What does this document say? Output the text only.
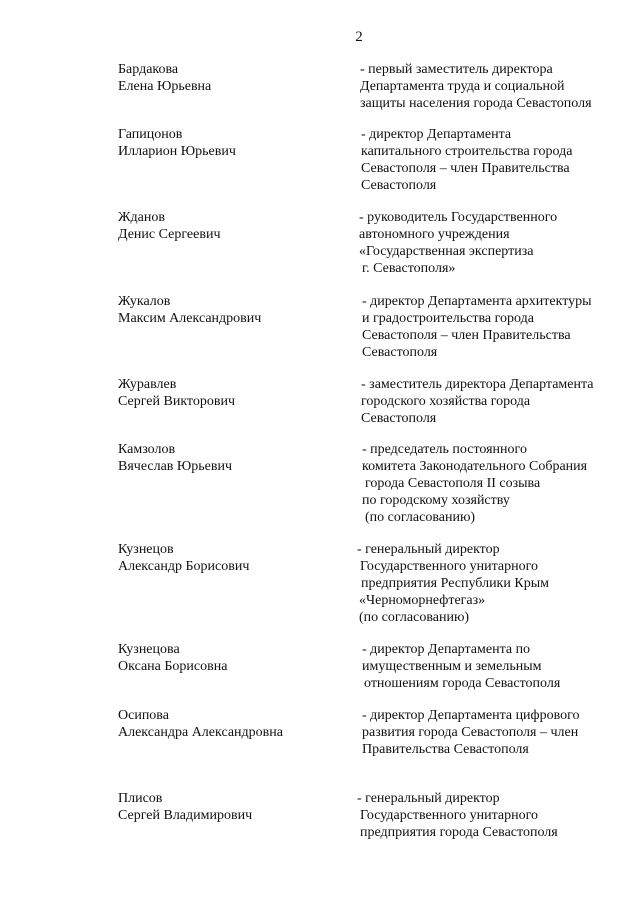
2
Бардакова
Елена Юрьевна
- первый заместитель директора
Департамента труда и социальной
защиты населения города Севастополя
Гапицонов
Илларион Юрьевич
- директор Департамента
капитального строительства города
Севастополя – член Правительства
Севастополя
Жданов
Денис Сергеевич
- руководитель Государственного
автономного учреждения
«Государственная экспертиза
г. Севастополя»
Жукалов
Максим Александрович
- директор Департамента архитектуры
и градостроительства города
Севастополя – член Правительства
Севастополя
Журавлев
Сергей Викторович
- заместитель директора Департамента
городского хозяйства города
Севастополя
Камзолов
Вячеслав Юрьевич
- председатель постоянного
комитета Законодательного Собрания
города Севастополя II созыва
по городскому хозяйству
(по согласованию)
Кузнецов
Александр Борисович
- генеральный директор
Государственного унитарного
предприятия Республики Крым
«Черноморнефтегаз»
(по согласованию)
Кузнецова
Оксана Борисовна
- директор Департамента по
имущественным и земельным
отношениям города Севастополя
Осипова
Александра Александровна
- директор Департамента цифрового
развития города Севастополя – член
Правительства Севастополя
Плисов
Сергей Владимирович
- генеральный директор
Государственного унитарного
предприятия города Севастополя
